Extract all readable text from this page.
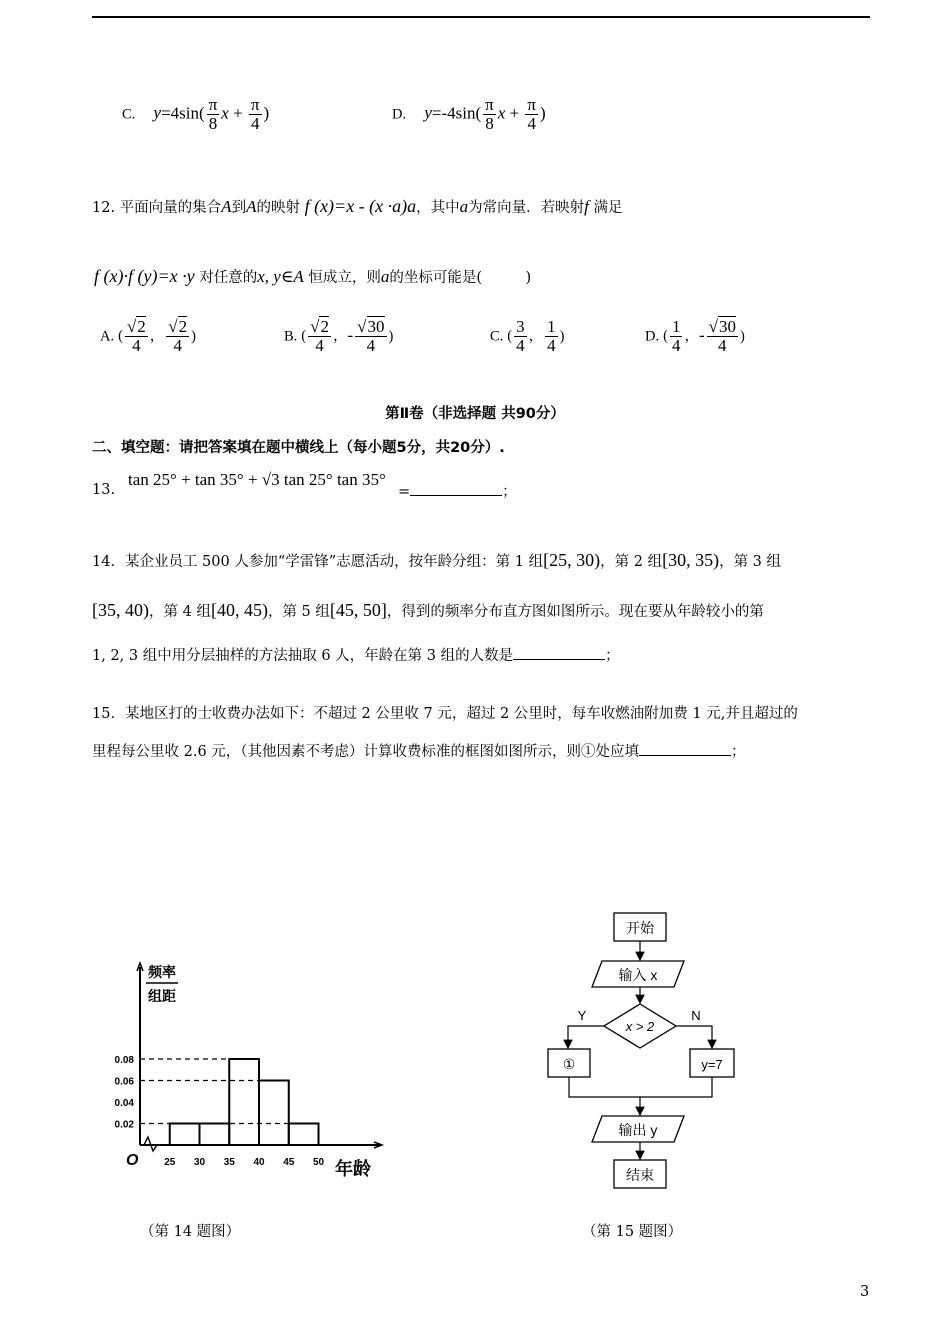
C. $y=4\sin( \frac{\pi}{8}$ $x + \frac{\pi}{4}$ )	D. y=‑4sin( $\frac{\pi}{8}$ $x + \frac{\pi}{4}$ )
12. 平面向量的集合A到A的映射 f (x)=x ‑ (x ·a)a，其中a为常向量．若映射f 满足
f (x)·f (y)=x ·y 对任意的x, y∈A 恒成立，则a的坐标可能是(　　　)
A. ( $\frac{√2}{4}$ ， $\frac{√2}{4}$ )	B. ( $\frac{√2}{4}$ ，‑ $\frac{√30}{4}$ )	C. ( $\frac{3}{4}$ ， $\frac{1}{4}$ )	D. ( $\frac{1}{4}$ ，‑ $\frac{√30}{4}$ )
第Ⅱ卷（非选择题 共90分）
二、填空题：请把答案填在题中横线上（每小题5分，共20分）.
13.
tan 25° + tan 35° + √3 tan 25° tan 35°
=	；
14．某企业员工 500 人参加“学雷锋”志愿活动，按年龄分组：第 1 组[25, 30)，第 2 组[30, 35)，第 3 组
[35, 40)，第 4 组[40, 45)，第 5 组[45, 50]，得到的频率分布直方图如图所示。现在要从年龄较小的第
1, 2, 3 组中用分层抽样的方法抽取 6 人，年龄在第 3 组的人数是	；
15．某地区打的士收费办法如下：不超过 2 公里收 7 元，超过 2 公里时，每车收燃油附加费 1 元,并且超过的
里程每公里收 2.6 元，（其他因素不考虑）计算收费标准的框图如图所示，则①处应填	；
0.08
0.06
0.04
0.02
25 30 35 40 45 50
O
频率
组距
年龄
开始
输入 x
x > 2
Y	N
①	y=7
输出 y
结束
（第 14 题图）	（第 15 题图）
3
